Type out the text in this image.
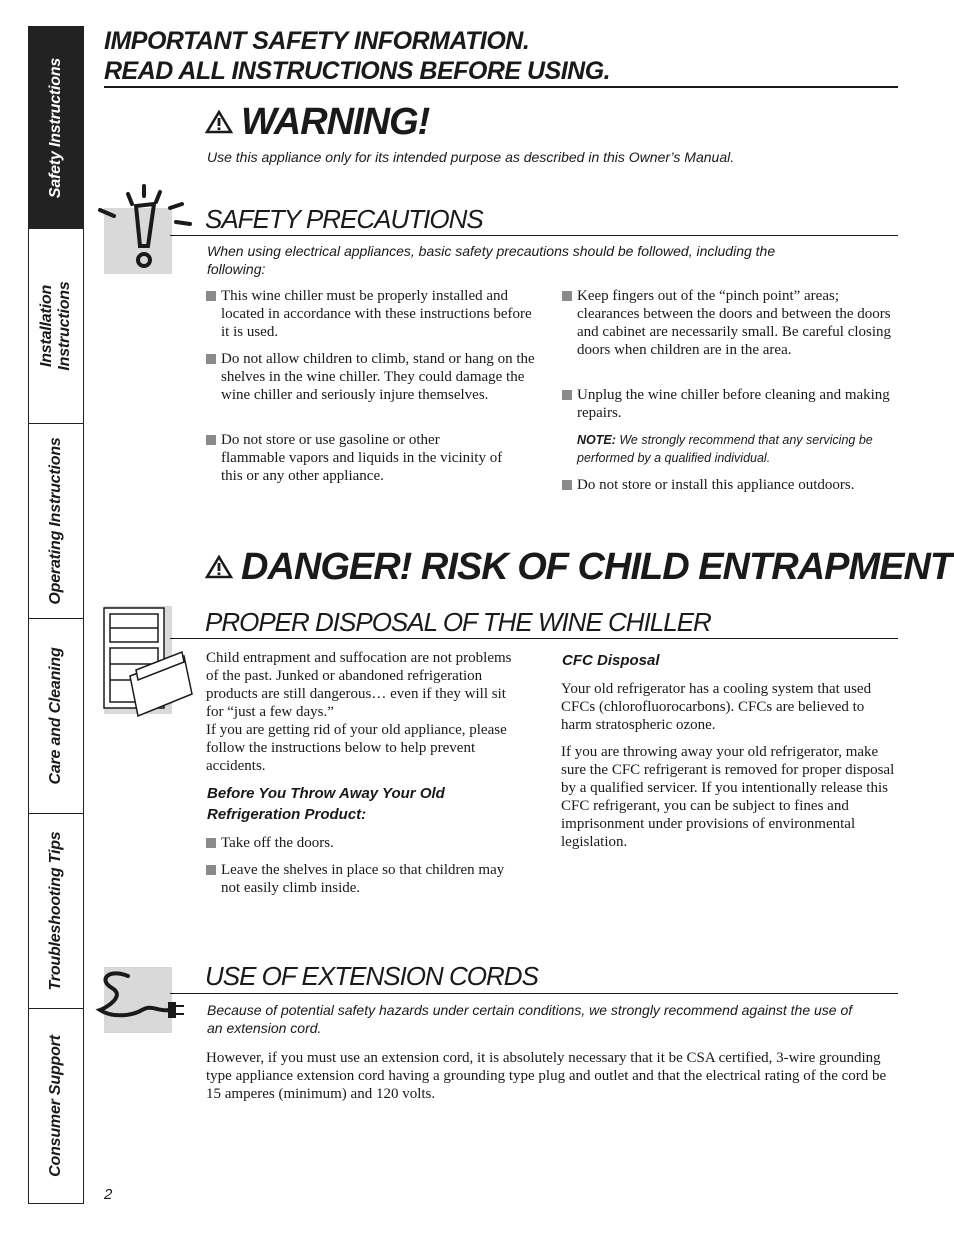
Safety Instructions
Installation
Instructions
Operating Instructions
Care and Cleaning
Troubleshooting Tips
Consumer Support
IMPORTANT SAFETY INFORMATION.
READ ALL INSTRUCTIONS BEFORE USING.
WARNING!
Use this appliance only for its intended purpose as described in this Owner’s Manual.
SAFETY PRECAUTIONS
When using electrical appliances, basic safety precautions should be followed, including the following:
This wine chiller must be properly installed and located in accordance with these instructions before it is used.
Do not allow children to climb, stand or hang on the shelves in the wine chiller. They could damage the wine chiller and seriously injure themselves.
Do not store or use gasoline or other flammable vapors and liquids in the vicinity of this or any other appliance.
Keep fingers out of the “pinch point” areas; clearances between the doors and between the doors and cabinet are necessarily small. Be careful closing doors when children are in the area.
Unplug the wine chiller before cleaning and making repairs.
NOTE: We strongly recommend that any servicing be performed by a qualified individual.
Do not store or install this appliance outdoors.
DANGER! RISK OF CHILD ENTRAPMENT
PROPER DISPOSAL OF THE WINE CHILLER
Child entrapment and suffocation are not problems of the past. Junked or abandoned refrigeration products are still dangerous… even if they will sit for “just a few days.”
If you are getting rid of your old appliance, please follow the instructions below to help prevent accidents.
Before You Throw Away Your Old Refrigeration Product:
Take off the doors.
Leave the shelves in place so that children may not easily climb inside.
CFC Disposal
Your old refrigerator has a cooling system that used CFCs (chlorofluorocarbons). CFCs are believed to harm stratospheric ozone.
If you are throwing away your old refrigerator, make sure the CFC refrigerant is removed for proper disposal by a qualified servicer. If you intentionally release this CFC refrigerant, you can be subject to fines and imprisonment under provisions of environmental legislation.
USE OF EXTENSION CORDS
Because of potential safety hazards under certain conditions, we strongly recommend against the use of an extension cord.
However, if you must use an extension cord, it is absolutely necessary that it be CSA certified, 3-wire grounding type appliance extension cord having a grounding type plug and outlet and that the electrical rating of the cord be 15 amperes (minimum) and 120 volts.
2
